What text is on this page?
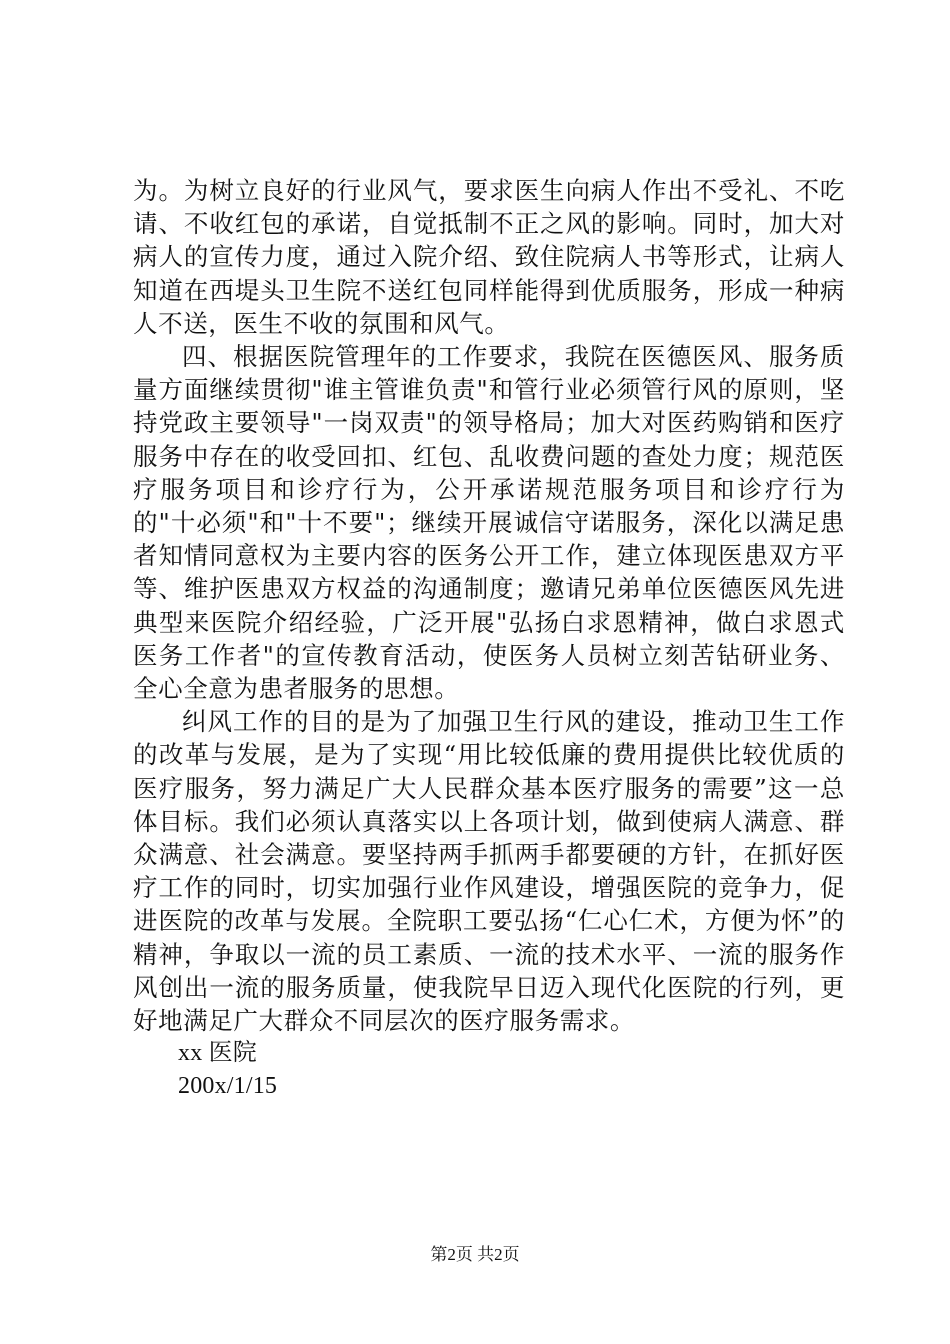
为。为树立良好的行业风气，要求医生向病人作出不受礼、不吃请、不收红包的承诺，自觉抵制不正之风的影响。同时，加大对病人的宣传力度，通过入院介绍、致住院病人书等形式，让病人知道在西堤头卫生院不送红包同样能得到优质服务，形成一种病人不送，医生不收的氛围和风气。

四、根据医院管理年的工作要求，我院在医德医风、服务质量方面继续贯彻"谁主管谁负责"和管行业必须管行风的原则，坚持党政主要领导"一岗双责"的领导格局；加大对医药购销和医疗服务中存在的收受回扣、红包、乱收费问题的查处力度；规范医疗服务项目和诊疗行为，公开承诺规范服务项目和诊疗行为的"十必须"和"十不要"；继续开展诚信守诺服务，深化以满足患者知情同意权为主要内容的医务公开工作，建立体现医患双方平等、维护医患双方权益的沟通制度；邀请兄弟单位医德医风先进典型来医院介绍经验，广泛开展"弘扬白求恩精神，做白求恩式医务工作者"的宣传教育活动，使医务人员树立刻苦钻研业务、全心全意为患者服务的思想。

纠风工作的目的是为了加强卫生行风的建设，推动卫生工作的改革与发展，是为了实现“用比较低廉的费用提供比较优质的医疗服务，努力满足广大人民群众基本医疗服务的需要”这一总体目标。我们必须认真落实以上各项计划，做到使病人满意、群众满意、社会满意。要坚持两手抓两手都要硬的方针，在抓好医疗工作的同时，切实加强行业作风建设，增强医院的竞争力，促进医院的改革与发展。全院职工要弘扬“仁心仁术，方便为怀”的精神，争取以一流的员工素质、一流的技术水平、一流的服务作风创出一流的服务质量，使我院早日迈入现代化医院的行列，更好地满足广大群众不同层次的医疗服务需求。

xx 医院

200x/1/15

第2页 共2页
